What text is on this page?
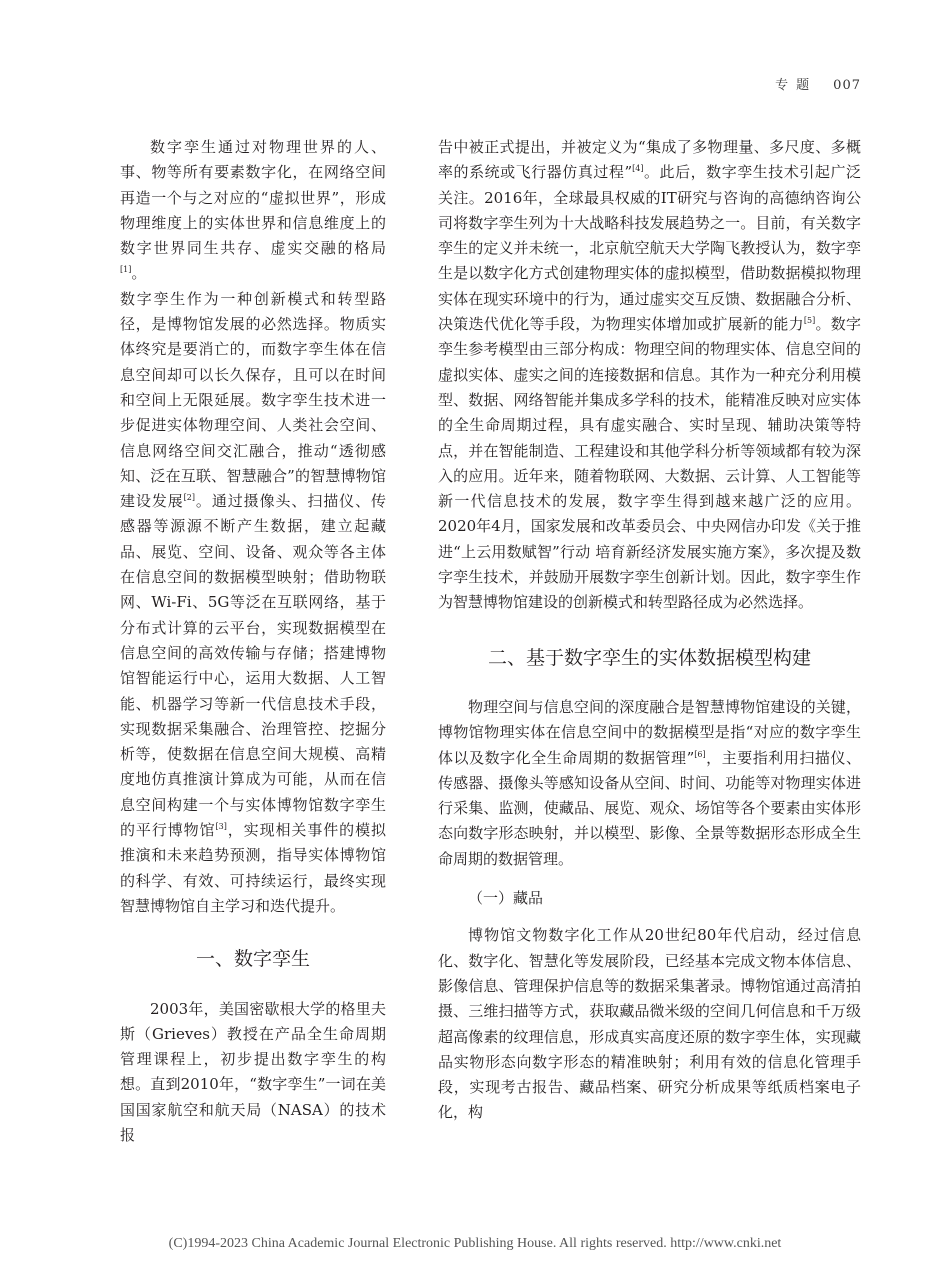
专题 007

数字孪生通过对物理世界的人、事、物等所有要素数字化，在网络空间再造一个与之对应的“虚拟世界”，形成物理维度上的实体世界和信息维度上的数字世界同生共存、虚实交融的格局[1]。

数字孪生作为一种创新模式和转型路径，是博物馆发展的必然选择。物质实体终究是要消亡的，而数字孪生体在信息空间却可以长久保存，且可以在时间和空间上无限延展。数字孪生技术进一步促进实体物理空间、人类社会空间、信息网络空间交汇融合，推动“透彻感知、泛在互联、智慧融合”的智慧博物馆建设发展[2]。通过摄像头、扫描仪、传感器等源源不断产生数据，建立起藏品、展览、空间、设备、观众等各主体在信息空间的数据模型映射；借助物联网、Wi-Fi、5G等泛在互联网络，基于分布式计算的云平台，实现数据模型在信息空间的高效传输与存储；搭建博物馆智能运行中心，运用大数据、人工智能、机器学习等新一代信息技术手段，实现数据采集融合、治理管控、挖掘分析等，使数据在信息空间大规模、高精度地仿真推演计算成为可能，从而在信息空间构建一个与实体博物馆数字孪生的平行博物馆[3]，实现相关事件的模拟推演和未来趋势预测，指导实体博物馆的科学、有效、可持续运行，最终实现智慧博物馆自主学习和迭代提升。

一、数字孪生

2003年，美国密歇根大学的格里夫斯（Grieves）教授在产品全生命周期管理课程上，初步提出数字孪生的构想。直到2010年，“数字孪生”一词在美国国家航空和航天局（NASA）的技术报

告中被正式提出，并被定义为“集成了多物理量、多尺度、多概率的系统或飞行器仿真过程”[4]。此后，数字孪生技术引起广泛关注。2016年，全球最具权威的IT研究与咨询的高德纳咨询公司将数字孪生列为十大战略科技发展趋势之一。目前，有关数字孪生的定义并未统一，北京航空航天大学陶飞教授认为，数字孪生是以数字化方式创建物理实体的虚拟模型，借助数据模拟物理实体在现实环境中的行为，通过虚实交互反馈、数据融合分析、决策迭代优化等手段，为物理实体增加或扩展新的能力[5]。数字孪生参考模型由三部分构成：物理空间的物理实体、信息空间的虚拟实体、虚实之间的连接数据和信息。其作为一种充分利用模型、数据、网络智能并集成多学科的技术，能精准反映对应实体的全生命周期过程，具有虚实融合、实时呈现、辅助决策等特点，并在智能制造、工程建设和其他学科分析等领域都有较为深入的应用。近年来，随着物联网、大数据、云计算、人工智能等新一代信息技术的发展，数字孪生得到越来越广泛的应用。2020年4月，国家发展和改革委员会、中央网信办印发《关于推进“上云用数赋智”行动 培育新经济发展实施方案》，多次提及数字孪生技术，并鼓励开展数字孪生创新计划。因此，数字孪生作为智慧博物馆建设的创新模式和转型路径成为必然选择。

二、基于数字孪生的实体数据模型构建

物理空间与信息空间的深度融合是智慧博物馆建设的关键，博物馆物理实体在信息空间中的数据模型是指“对应的数字孪生体以及数字化全生命周期的数据管理”[6]，主要指利用扫描仪、传感器、摄像头等感知设备从空间、时间、功能等对物理实体进行采集、监测，使藏品、展览、观众、场馆等各个要素由实体形态向数字形态映射，并以模型、影像、全景等数据形态形成全生命周期的数据管理。

（一）藏品

博物馆文物数字化工作从20世纪80年代启动，经过信息化、数字化、智慧化等发展阶段，已经基本完成文物本体信息、影像信息、管理保护信息等的数据采集著录。博物馆通过高清拍摄、三维扫描等方式，获取藏品微米级的空间几何信息和千万级超高像素的纹理信息，形成真实高度还原的数字孪生体，实现藏品实物形态向数字形态的精准映射；利用有效的信息化管理手段，实现考古报告、藏品档案、研究分析成果等纸质档案电子化，构

(C)1994-2023 China Academic Journal Electronic Publishing House. All rights reserved. http://www.cnki.net
